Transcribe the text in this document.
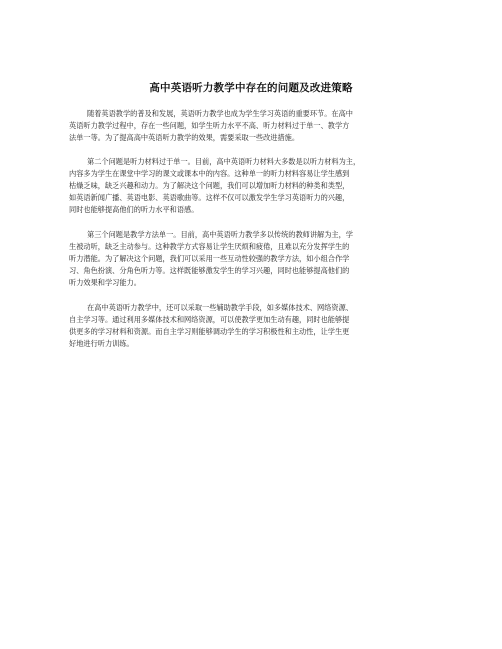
高中英语听力教学中存在的问题及改进策略
随着英语教学的普及和发展，英语听力教学也成为学生学习英语的重要环节。在高中
英语听力教学过程中，存在一些问题，如学生听力水平不高、听力材料过于单一、教学方
法单一等。为了提高高中英语听力教学的效果，需要采取一些改进措施。
第二个问题是听力材料过于单一。目前，高中英语听力材料大多数是以听力材料为主，
内容多为学生在课堂中学习的课文或课本中的内容。这种单一的听力材料容易让学生感到
枯燥乏味，缺乏兴趣和动力。为了解决这个问题，我们可以增加听力材料的种类和类型，
如英语新闻广播、英语电影、英语歌曲等。这样不仅可以激发学生学习英语听力的兴趣，
同时也能够提高他们的听力水平和语感。
第三个问题是教学方法单一。目前，高中英语听力教学多以传统的教师讲解为主，学
生被动听，缺乏主动参与。这种教学方式容易让学生厌烦和疲倦，且难以充分发挥学生的
听力潜能。为了解决这个问题，我们可以采用一些互动性较强的教学方法，如小组合作学
习、角色扮演、分角色听力等。这样既能够激发学生的学习兴趣，同时也能够提高他们的
听力效果和学习能力。
在高中英语听力教学中，还可以采取一些辅助教学手段，如多媒体技术、网络资源、
自主学习等。通过利用多媒体技术和网络资源，可以使教学更加生动有趣，同时也能够提
供更多的学习材料和资源。而自主学习则能够调动学生的学习积极性和主动性，让学生更
好地进行听力训练。
